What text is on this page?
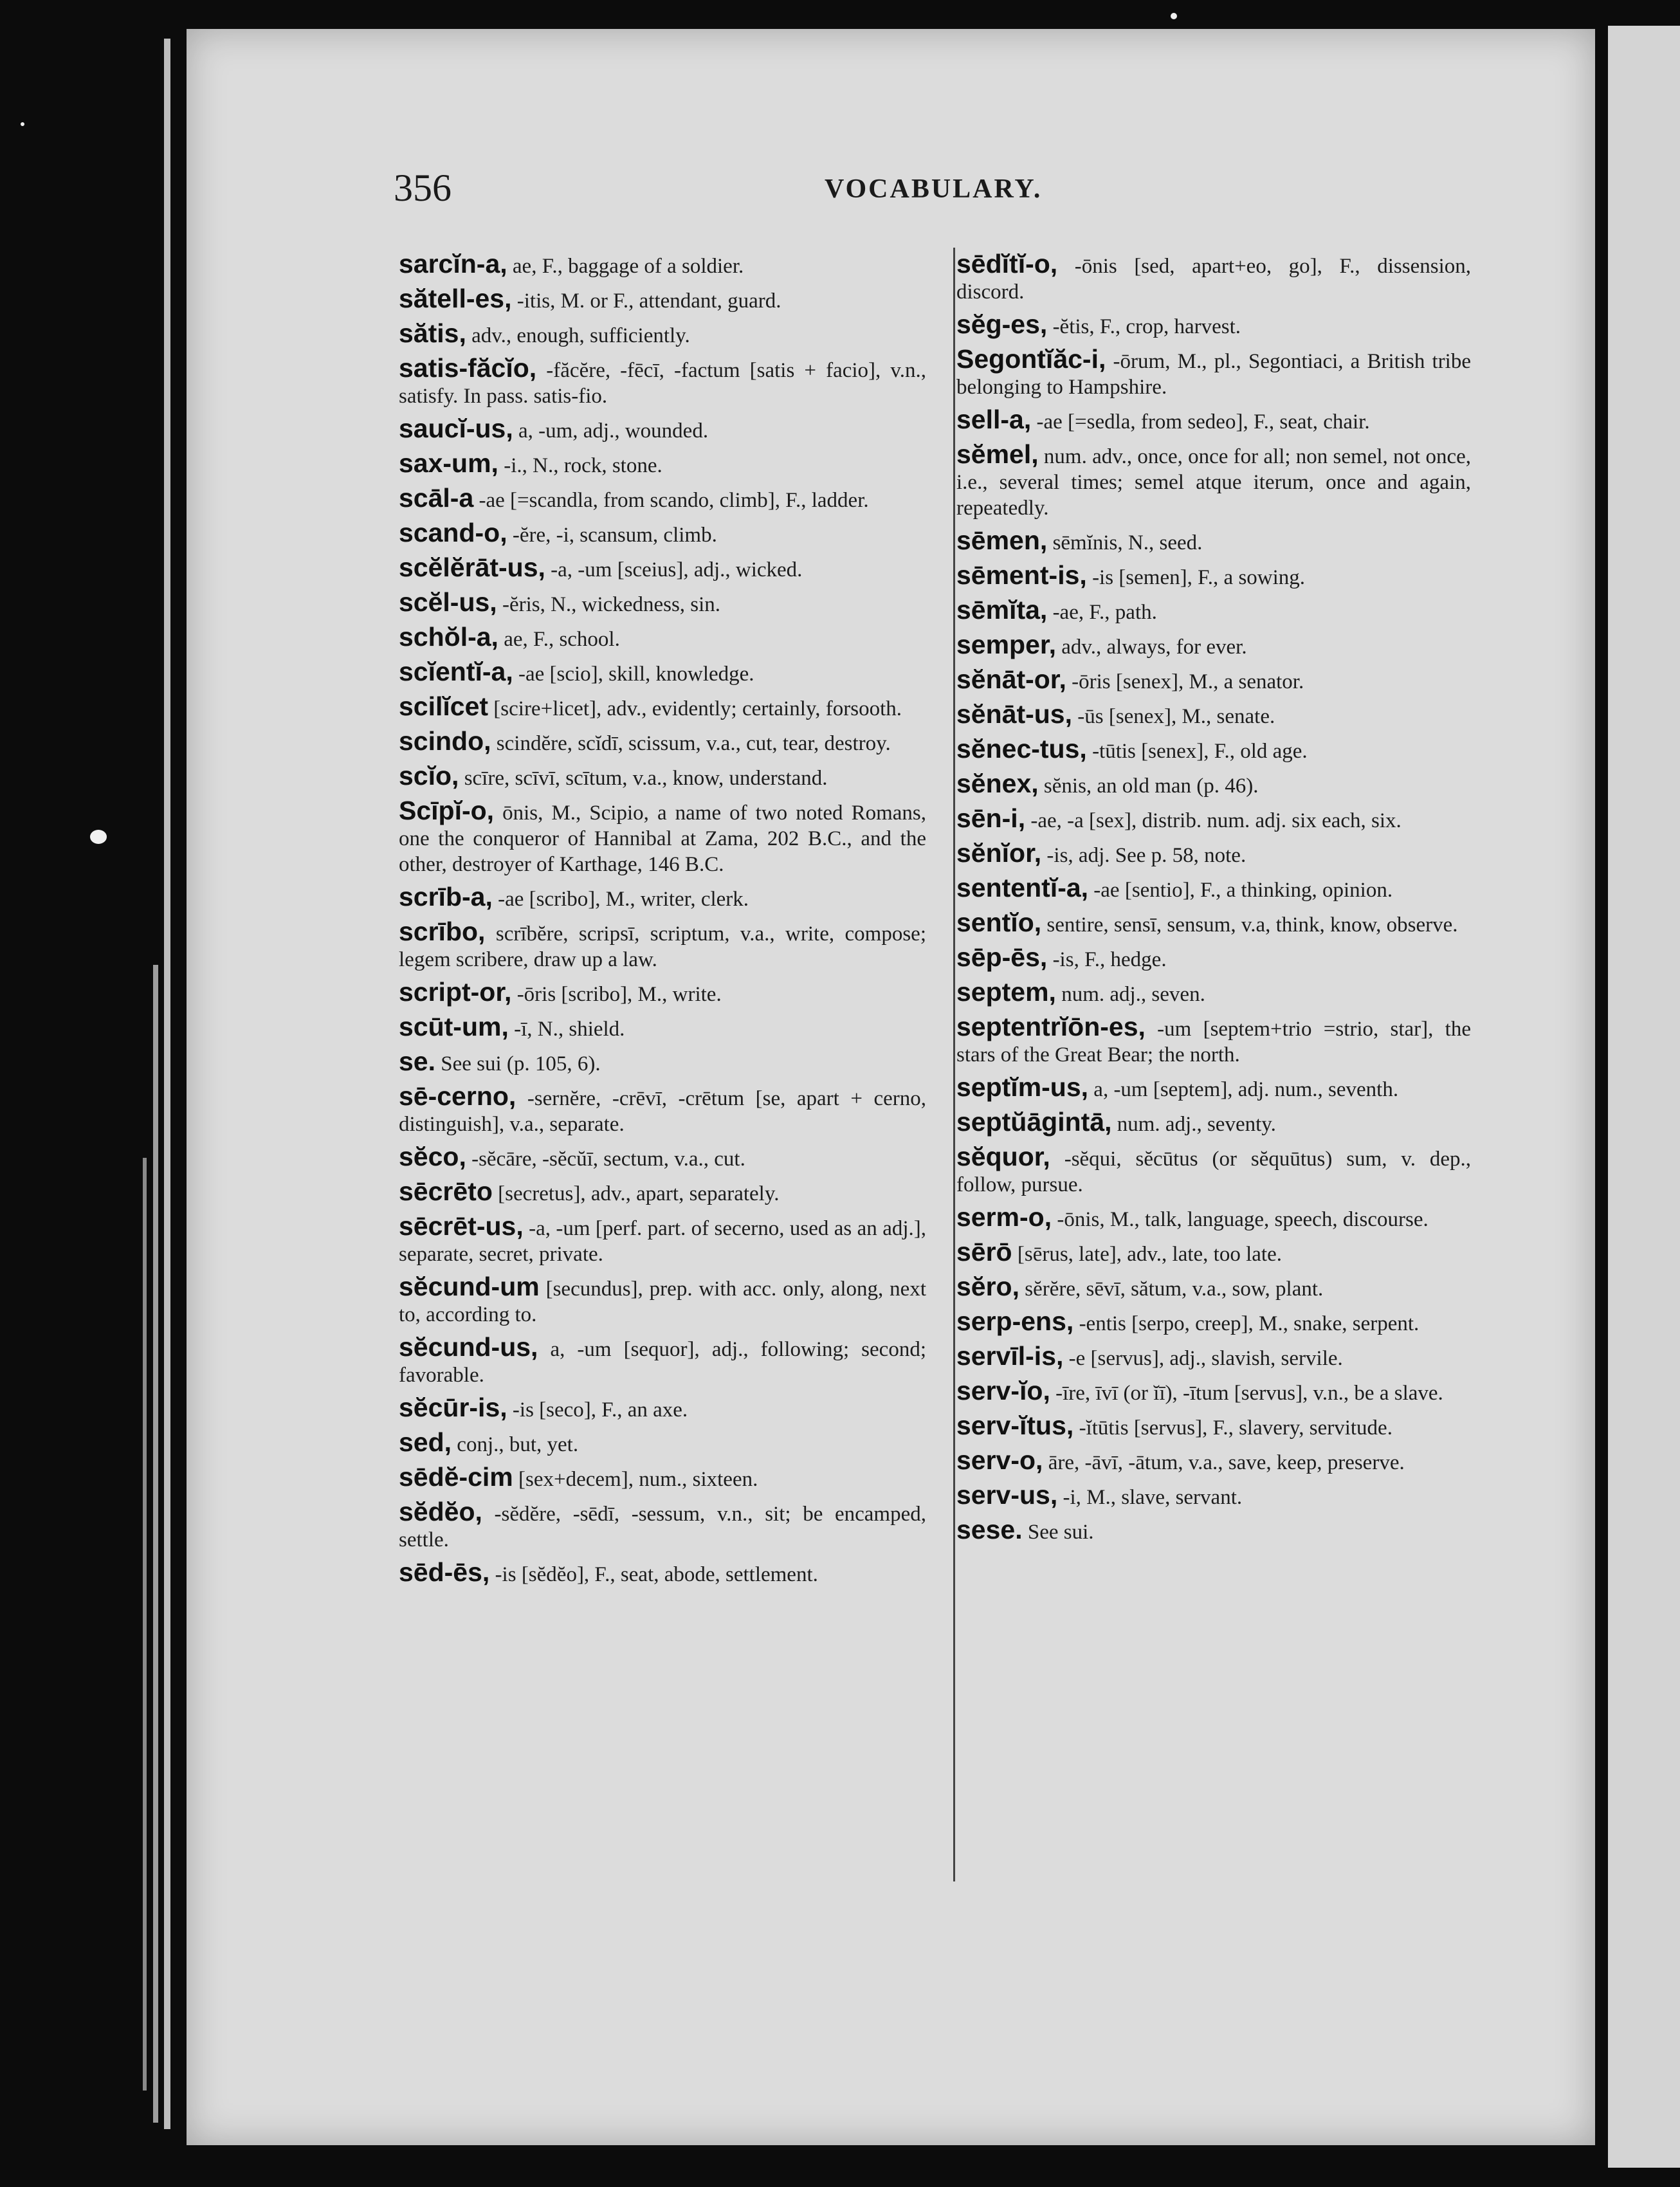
356	VOCABULARY.
sarcĭn-a, ae, F., baggage of a soldier.
sătell-es, -itis, M. or F., attendant, guard.
sătis, adv., enough, sufficiently.
satis-făcĭo, -făcĕre, -fēcī, -factum [satis + facio], v.n., satisfy. In pass. satis-fio.
saucĭ-us, a, -um, adj., wounded.
sax-um, -i., N., rock, stone.
scāl-a -ae [=scandla, from scando, climb], F., ladder.
scand-o, -ĕre, -i, scansum, climb.
scĕlĕrāt-us, -a, -um [sceius], adj., wicked.
scĕl-us, -ĕris, N., wickedness, sin.
schŏl-a, ae, F., school.
scĭentĭ-a, -ae [scio], skill, knowledge.
scilĭcet [scire+licet], adv., evidently; certainly, forsooth.
scindo, scindĕre, scĭdī, scissum, v.a., cut, tear, destroy.
scĭo, scīre, scīvī, scītum, v.a., know, understand.
Scīpĭ-o, ōnis, M., Scipio, a name of two noted Romans, one the conqueror of Hannibal at Zama, 202 B.C., and the other, destroyer of Karthage, 146 B.C.
scrīb-a, -ae [scribo], M., writer, clerk.
scrībo, scrībĕre, scripsī, scriptum, v.a., write, compose; legem scribere, draw up a law.
script-or, -ōris [scribo], M., write.
scūt-um, -ī, N., shield.
se. See sui (p. 105, 6).
sē-cerno, -sernĕre, -crēvī, -crētum [se, apart + cerno, distinguish], v.a., separate.
sĕco, -sĕcāre, -sĕcŭī, sectum, v.a., cut.
sēcrēto [secretus], adv., apart, separately.
sēcrēt-us, -a, -um [perf. part. of secerno, used as an adj.], separate, secret, private.
sĕcund-um [secundus], prep. with acc. only, along, next to, according to.
sĕcund-us, a, -um [sequor], adj., following; second; favorable.
sĕcūr-is, -is [seco], F., an axe.
sed, conj., but, yet.
sēdĕ-cim [sex+decem], num., sixteen.
sĕdĕo, -sĕdĕre, -sēdī, -sessum, v.n., sit; be encamped, settle.
sēd-ēs, -is [sĕdĕo], F., seat, abode, settlement.
sēdĭtĭ-o, -ōnis [sed, apart+eo, go], F., dissension, discord.
sĕg-es, -ĕtis, F., crop, harvest.
Segontĭăc-i, -ōrum, M., pl., Segontiaci, a British tribe belonging to Hampshire.
sell-a, -ae [=sedla, from sedeo], F., seat, chair.
sĕmel, num. adv., once, once for all; non semel, not once, i.e., several times; semel atque iterum, once and again, repeatedly.
sēmen, sēmĭnis, N., seed.
sēment-is, -is [semen], F., a sowing.
sēmĭta, -ae, F., path.
semper, adv., always, for ever.
sĕnāt-or, -ōris [senex], M., a senator.
sĕnāt-us, -ūs [senex], M., senate.
sĕnec-tus, -tūtis [senex], F., old age.
sĕnex, sĕnis, an old man (p. 46).
sēn-i, -ae, -a [sex], distrib. num. adj. six each, six.
sĕnĭor, -is, adj. See p. 58, note.
sententĭ-a, -ae [sentio], F., a thinking, opinion.
sentĭo, sentire, sensī, sensum, v.a, think, know, observe.
sēp-ēs, -is, F., hedge.
septem, num. adj., seven.
septentrĭōn-es, -um [septem+trio =strio, star], the stars of the Great Bear; the north.
septĭm-us, a, -um [septem], adj. num., seventh.
septŭāgintā, num. adj., seventy.
sĕquor, -sĕqui, sĕcūtus (or sĕquūtus) sum, v. dep., follow, pursue.
serm-o, -ōnis, M., talk, language, speech, discourse.
sērō [sērus, late], adv., late, too late.
sĕro, sĕrĕre, sēvī, sătum, v.a., sow, plant.
serp-ens, -entis [serpo, creep], M., snake, serpent.
servīl-is, -e [servus], adj., slavish, servile.
serv-ĭo, -īre, īvī (or ĭī), -ītum [servus], v.n., be a slave.
serv-ĭtus, -ĭtūtis [servus], F., slavery, servitude.
serv-o, āre, -āvī, -ātum, v.a., save, keep, preserve.
serv-us, -i, M., slave, servant.
sese. See sui.
